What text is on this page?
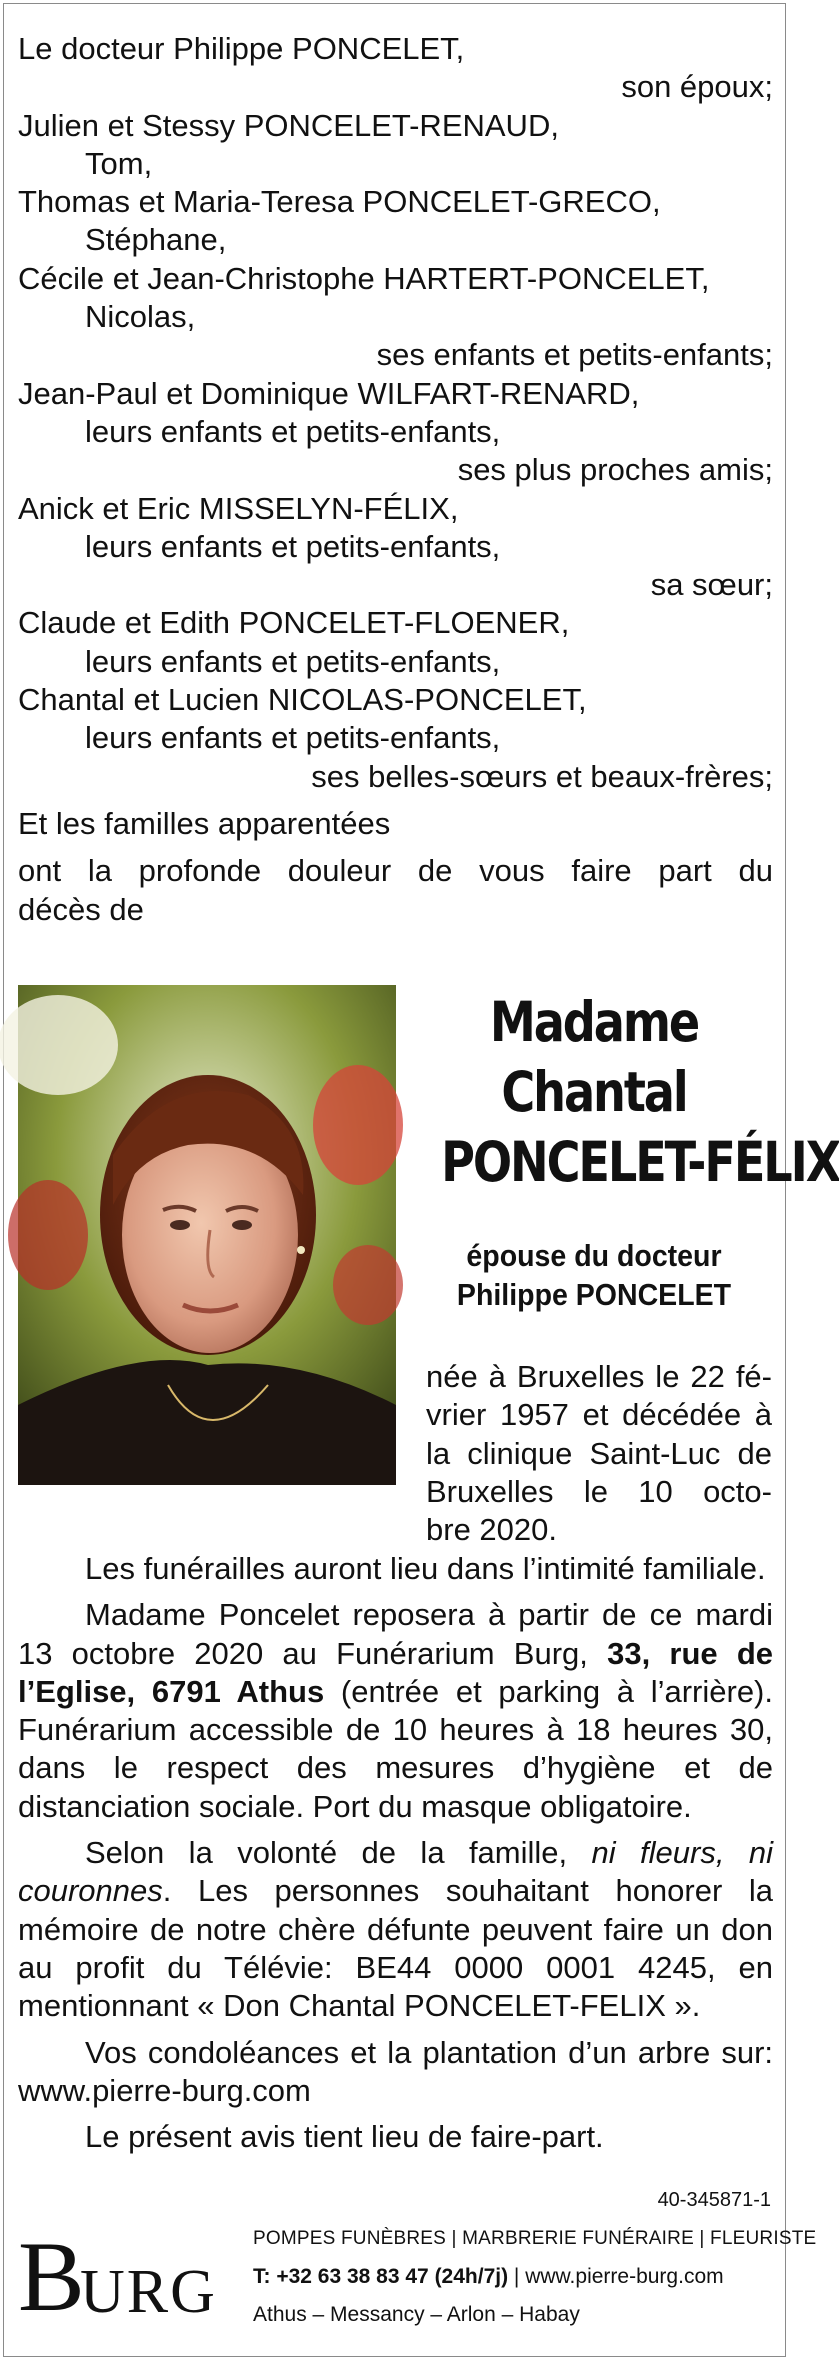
Le docteur Philippe PONCELET,
son époux;
Julien et Stessy PONCELET-RENAUD,
Tom,
Thomas et Maria-Teresa PONCELET-GRECO,
Stéphane,
Cécile et Jean-Christophe HARTERT-PONCELET,
Nicolas,
ses enfants et petits-enfants;
Jean-Paul et Dominique WILFART-RENARD,
leurs enfants et petits-enfants,
ses plus proches amis;
Anick et Eric MISSELYN-FÉLIX,
leurs enfants et petits-enfants,
sa sœur;
Claude et Edith PONCELET-FLOENER,
leurs enfants et petits-enfants,
Chantal et Lucien NICOLAS-PONCELET,
leurs enfants et petits-enfants,
ses belles-sœurs et beaux-frères;
Et les familles apparentées
ont la profonde douleur de vous faire part du
décès de
Madame
Chantal
PONCELET-FÉLIX
épouse du docteur
Philippe PONCELET
née à Bruxelles le 22 fé-
vrier 1957 et décédée à
la clinique Saint-Luc de
Bruxelles le 10 octo-
bre 2020.

Les funérailles auront lieu dans l’intimité familiale.

Madame Poncelet reposera à partir de ce mardi 13 octobre 2020 au Funérarium Burg, 33, rue de l’Eglise, 6791 Athus (entrée et parking à l’arrière). Funérarium accessible de 10 heures à 18 heures 30, dans le respect des mesures d’hygiène et de distanciation sociale. Port du masque obligatoire.

Selon la volonté de la famille, ni fleurs, ni couronnes. Les personnes souhaitant honorer la mémoire de notre chère défunte peuvent faire un don au profit du Télévie: BE44 0000 0001 4245, en mentionnant « Don Chantal PONCELET-FELIX ».

Vos condoléances et la plantation d’un arbre sur: www.pierre-burg.com

Le présent avis tient lieu de faire-part.

40-345871-1
B
URG
POMPES FUNÈBRES | MARBRERIE FUNÉRAIRE | FLEURISTE
T: +32 63 38 83 47 (24h/7j) | www.pierre-burg.com
Athus – Messancy – Arlon – Habay
